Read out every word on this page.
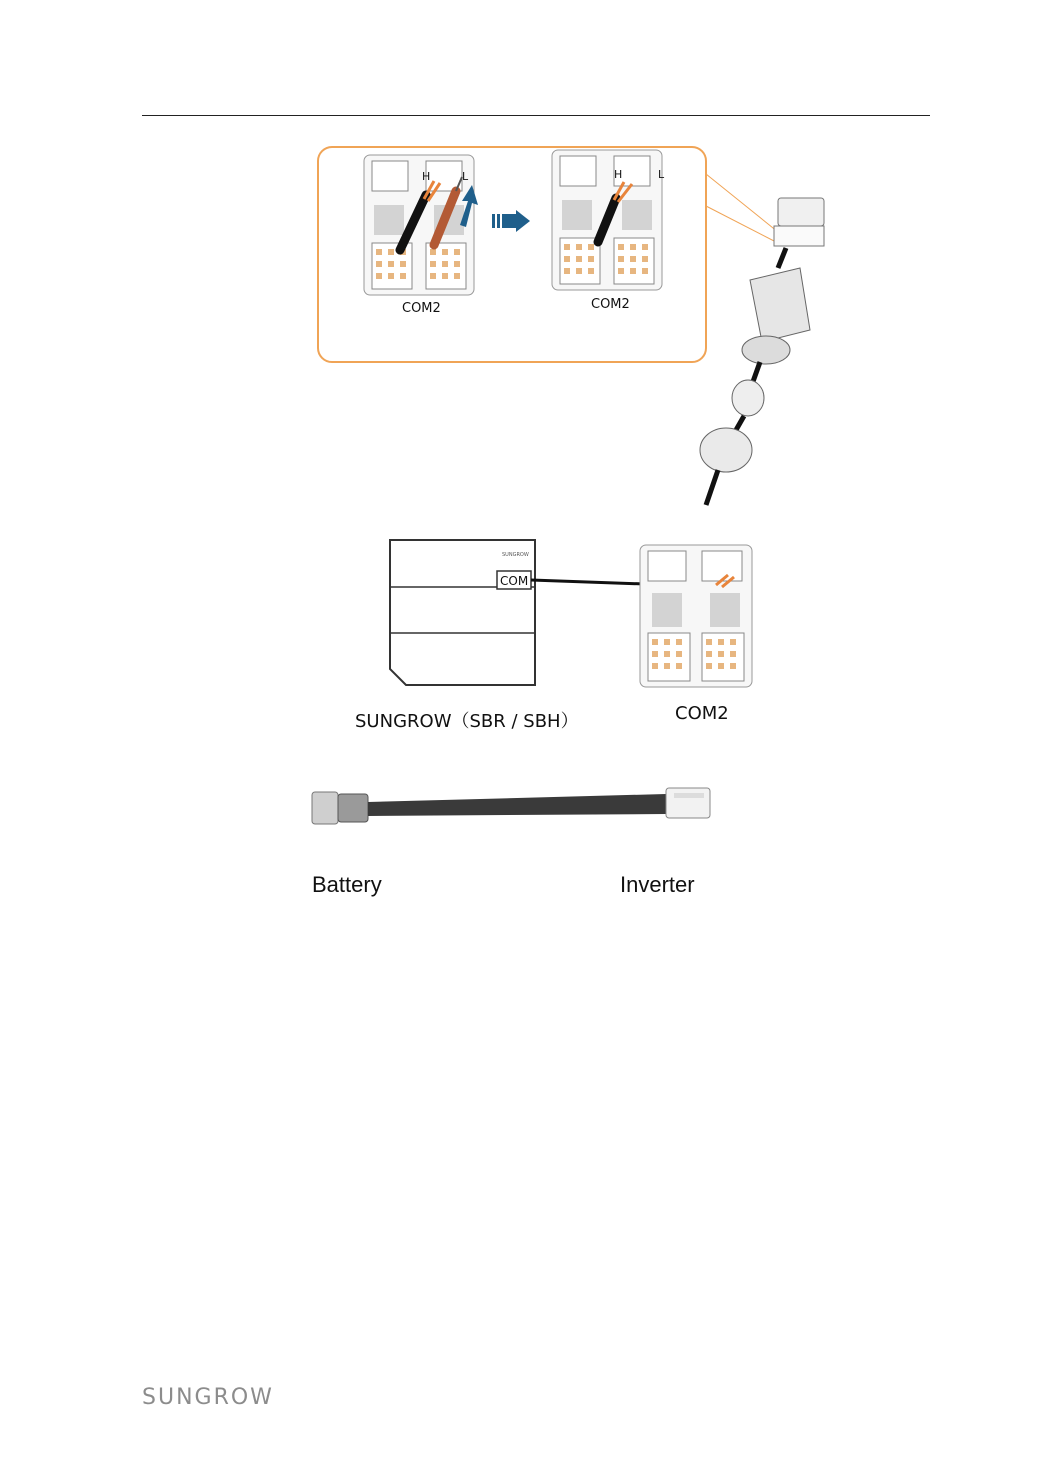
H	L	H	L
COM2	COM2
SUNGROW
COM
SUNGROW（SBR / SBH）	COM2
Battery	Inverter
SUNGROW
